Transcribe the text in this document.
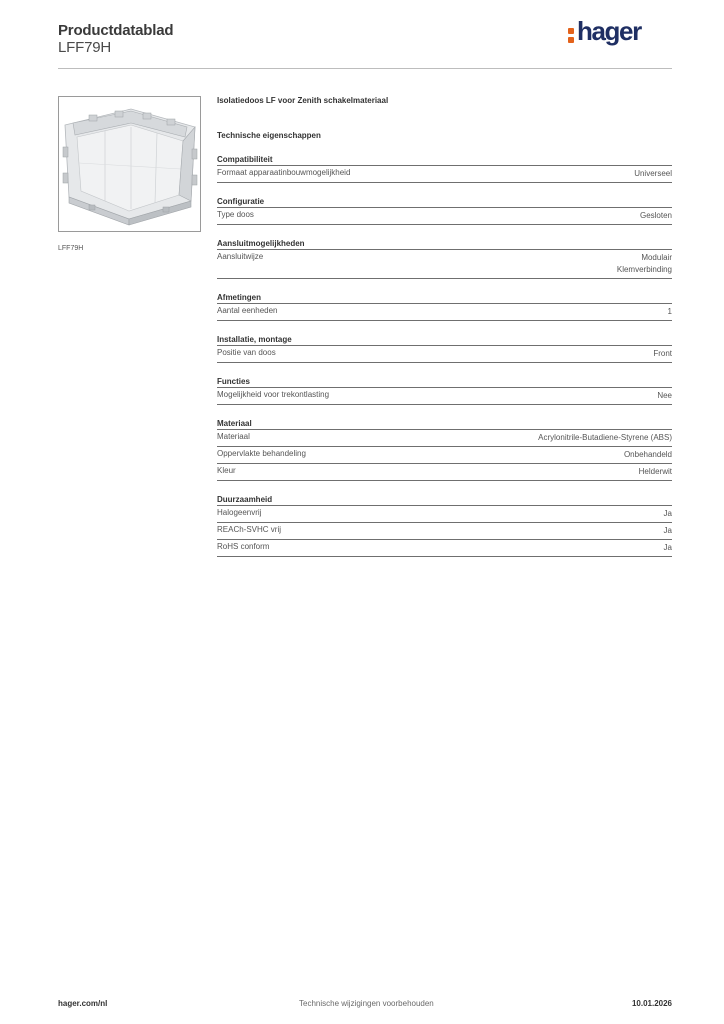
Productdatablad
LFF79H
hager
LFF79H
Isolatiedoos LF voor Zenith schakelmateriaal
Technische eigenschappen
Compatibiliteit
Formaat apparaatinbouwmogelijkheid	Universeel
Configuratie
Type doos	Gesloten
Aansluitmogelijkheden
Aansluitwijze	Modulair
Klemverbinding
Afmetingen
Aantal eenheden	1
Installatie, montage
Positie van doos	Front
Functies
Mogelijkheid voor trekontlasting	Nee
Materiaal
Materiaal	Acrylonitrile-Butadiene-Styrene (ABS)
Oppervlakte behandeling	Onbehandeld
Kleur	Helderwit
Duurzaamheid
Halogeenvrij	Ja
REACh-SVHC vrij	Ja
RoHS conform	Ja
hager.com/nl	Technische wijzigingen voorbehouden	10.01.2026
